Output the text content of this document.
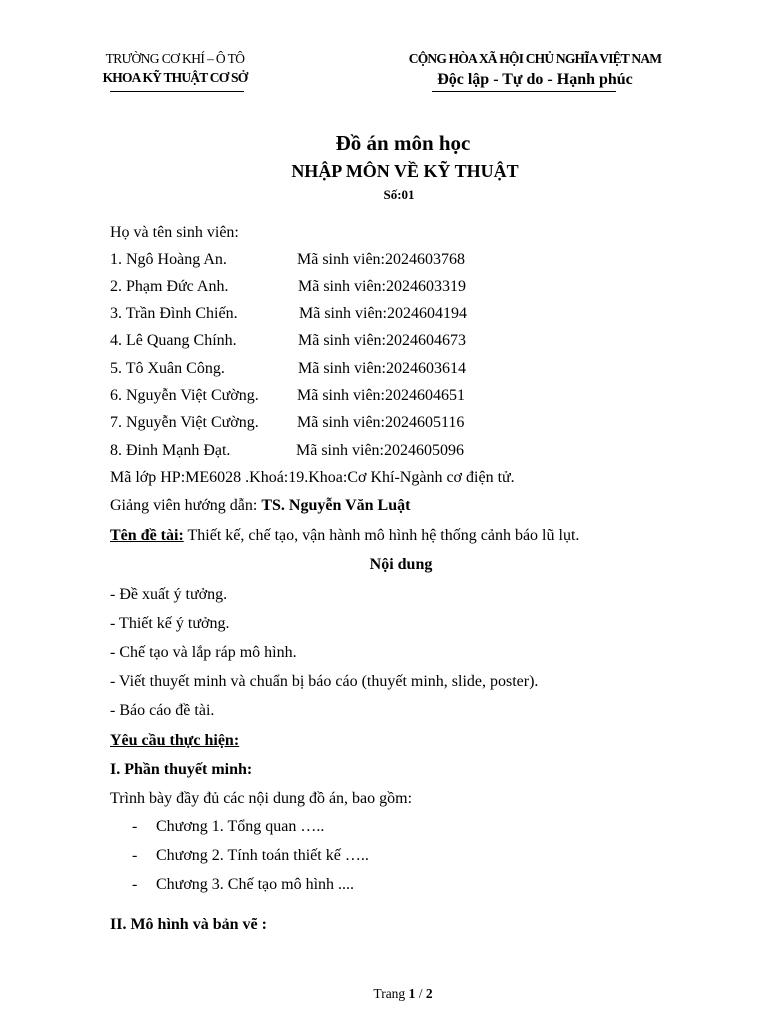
TRƯỜNG CƠ KHÍ – Ô TÔ
KHOA KỸ THUẬT CƠ SỞ
CỘNG HÒA XÃ HỘI CHỦ NGHĨA VIỆT NAM
Độc lập - Tự do - Hạnh phúc
Đồ án môn học
NHẬP MÔN VỀ KỸ THUẬT
Số:01
Họ và tên sinh viên:
1. Ngô Hoàng An.	Mã sinh viên:2024603768
2. Phạm Đức Anh.	Mã sinh viên:2024603319
3. Trần Đình Chiến.	Mã sinh viên:2024604194
4. Lê Quang Chính.	Mã sinh viên:2024604673
5. Tô Xuân Công.	Mã sinh viên:2024603614
6. Nguyễn Việt Cường. Mã sinh viên:2024604651
7. Nguyễn Việt Cường. Mã sinh viên:2024605116
8. Đinh Mạnh Đạt.	Mã sinh viên:2024605096
Mã lớp HP:ME6028 .Khoá:19.Khoa:Cơ Khí-Ngành cơ điện tử.
Giảng viên hướng dẫn: TS. Nguyễn Văn Luật
Tên đề tài: Thiết kế, chế tạo, vận hành mô hình hệ thống cảnh báo lũ lụt.
Nội dung
- Đề xuất ý tưởng.
- Thiết kế ý tưởng.
- Chế tạo và lắp ráp mô hình.
- Viết thuyết minh và chuẩn bị báo cáo (thuyết minh, slide, poster).
- Báo cáo đề tài.
Yêu cầu thực hiện:
I. Phần thuyết minh:
Trình bày đầy đủ các nội dung đồ án, bao gồm:
- Chương 1. Tổng quan …..
- Chương 2. Tính toán thiết kế …..
- Chương 3. Chế tạo mô hình ....
II. Mô hình và bản vẽ :
Trang 1 / 2
